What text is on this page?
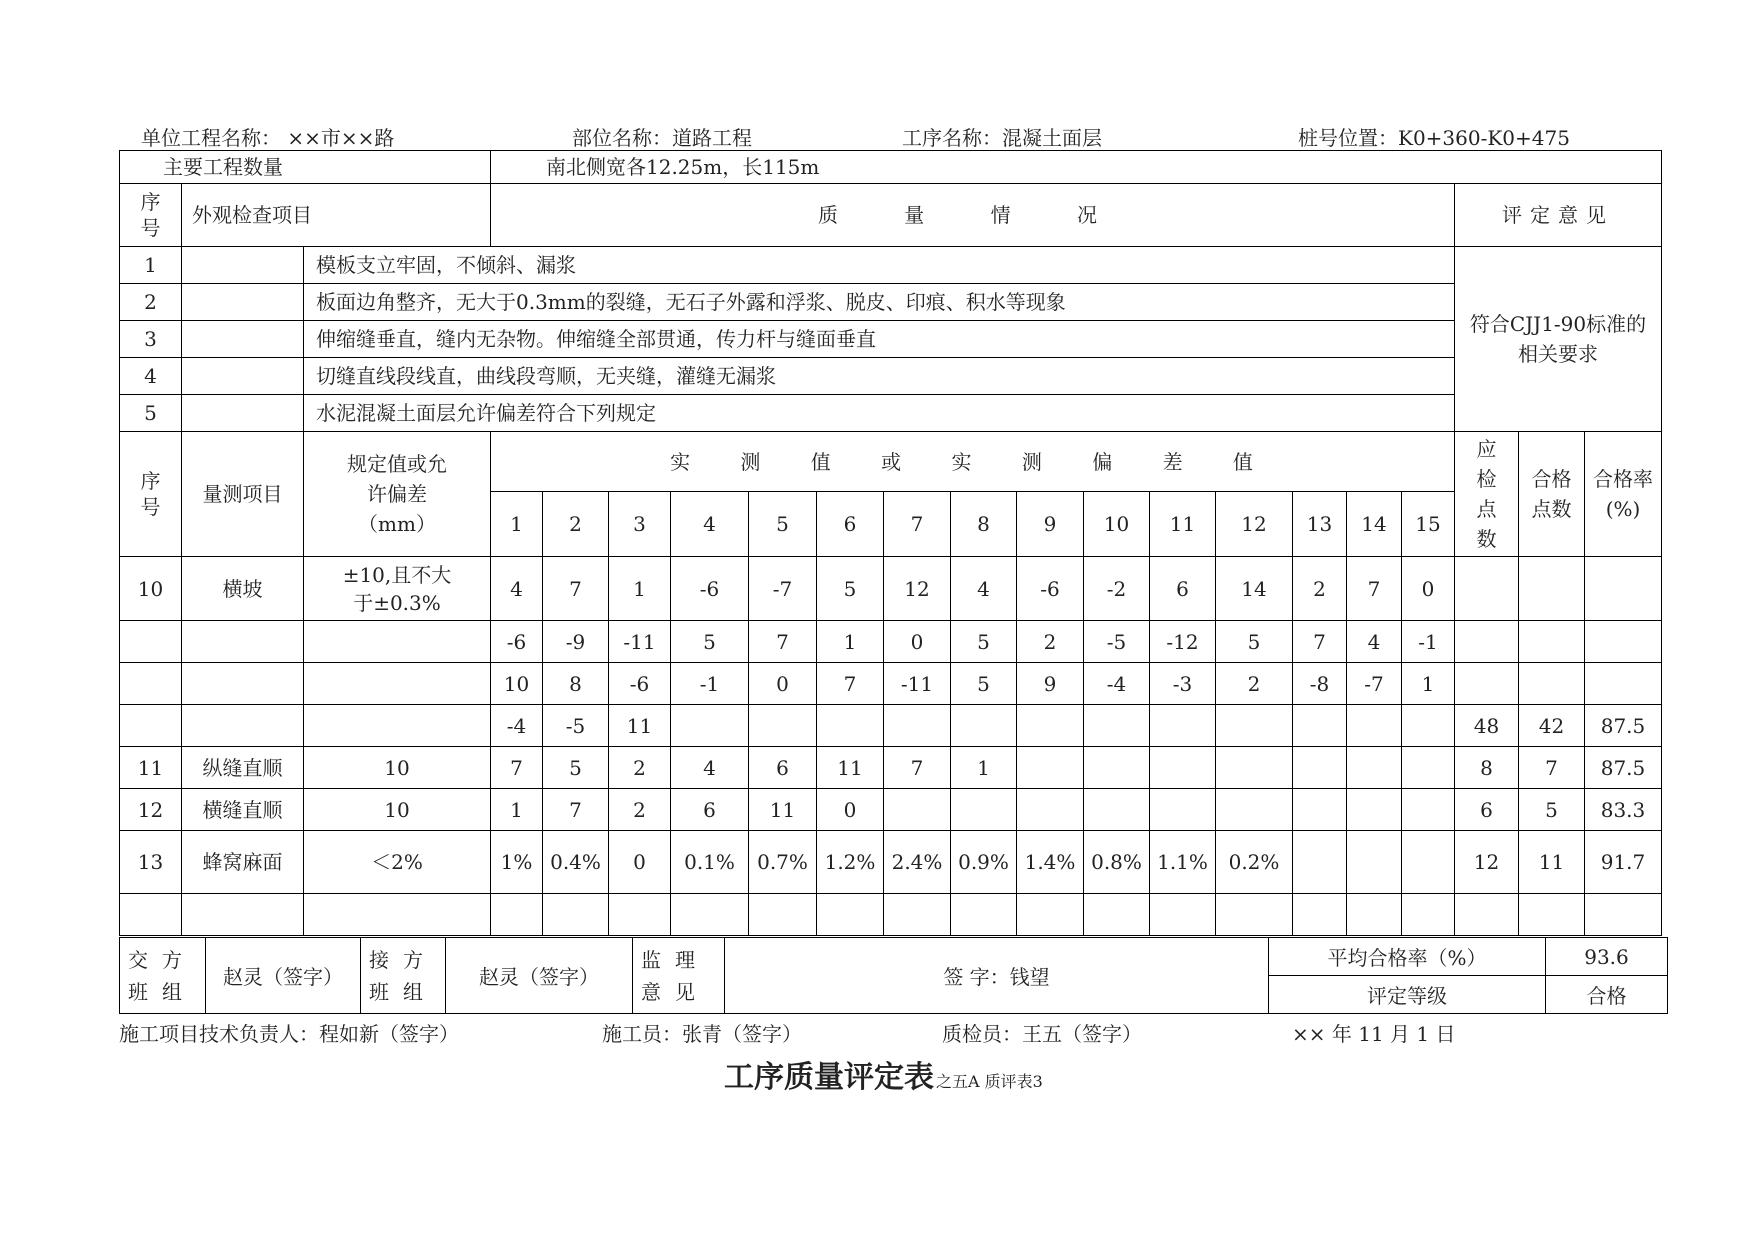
单位工程名称： ××市××路	部位名称：道路工程	工序名称：混凝土面层	桩号位置：K0+360-K0+475
主要工程数量			南北侧宽各12.25m，长115m																	
序号	外观检查项目		质 量 情 况															评定意见		
1		模板支立牢固，不倾斜、漏浆																符合CJJ1-90标准的相关要求		
2		板面边角整齐，无大于0.3mm的裂缝，无石子外露和浮浆、脱皮、印痕、积水等现象																		
3		伸缩缝垂直，缝内无杂物。伸缩缝全部贯通，传力杆与缝面垂直																		
4		切缝直线段线直，曲线段弯顺，无夹缝，灌缝无漏浆																		
5		水泥混凝土面层允许偏差符合下列规定																		
序号	量测项目	规定值或允许偏差（mm）	实 测 值 或 实 测 偏 差 值															应检点数	合格点数	合格率(%)
			1	2	3	4	5	6	7	8	9	10	11	12	13	14	15			
10	横坡	±10,且不大于±0.3%	4	7	1	-6	-7	5	12	4	-6	-2	6	14	2	7	0			
			-6	-9	-11	5	7	1	0	5	2	-5	-12	5	7	4	-1			
			10	8	-6	-1	0	7	-11	5	9	-4	-3	2	-8	-7	1			
			-4	-5	11													48	42	87.5
11	纵缝直顺	10	7	5	2	4	6	11	7	1								8	7	87.5
12	横缝直顺	10	1	7	2	6	11	0										6	5	83.3
13	蜂窝麻面	＜2%	1%	0.4%	0	0.1%	0.7%	1.2%	2.4%	0.9%	1.4%	0.8%	1.1%	0.2%				12	11	91.7

交方班组	赵灵（签字）	接方班组	赵灵（签字）	监理意见	签 字：钱望	平均合格率（%）	93.6
						评定等级	合格
施工项目技术负责人：程如新（签字）	施工员：张青（签字）	质检员：王五（签字）	×× 年 11 月 1 日
工序质量评定表 之五A 质评表3
